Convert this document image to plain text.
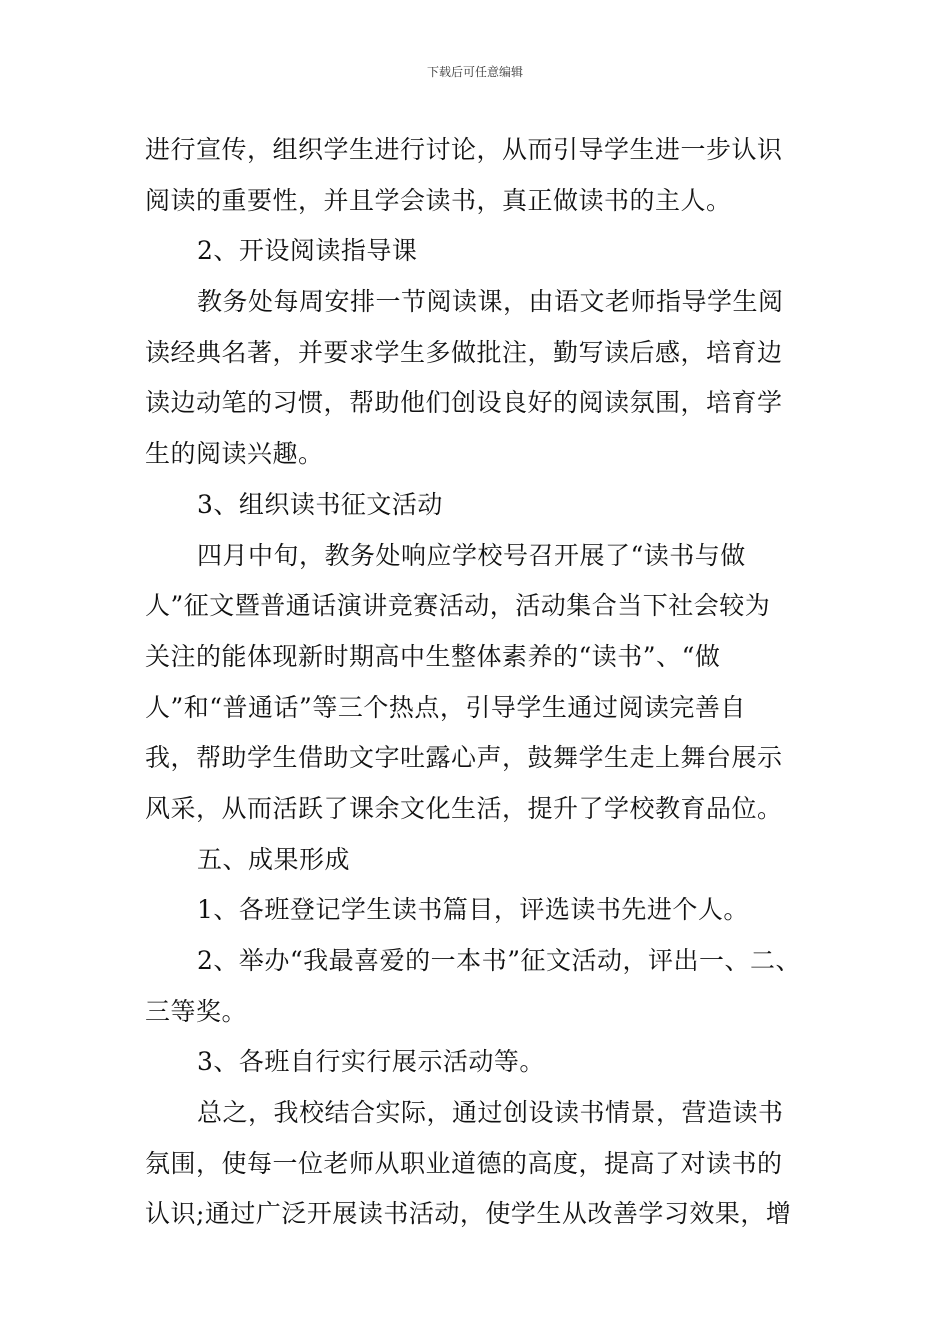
下载后可任意编辑
进行宣传，组织学生进行讨论，从而引导学生进一步认识
阅读的重要性，并且学会读书，真正做读书的主人。
2、开设阅读指导课
教务处每周安排一节阅读课，由语文老师指导学生阅
读经典名著，并要求学生多做批注，勤写读后感，培育边
读边动笔的习惯，帮助他们创设良好的阅读氛围，培育学
生的阅读兴趣。
3、组织读书征文活动
四月中旬，教务处响应学校号召开展了“读书与做
人”征文暨普通话演讲竞赛活动，活动集合当下社会较为
关注的能体现新时期高中生整体素养的“读书”、“做
人”和“普通话”等三个热点，引导学生通过阅读完善自
我，帮助学生借助文字吐露心声，鼓舞学生走上舞台展示
风采，从而活跃了课余文化生活，提升了学校教育品位。
五、成果形成
1、各班登记学生读书篇目，评选读书先进个人。
2、举办“我最喜爱的一本书”征文活动，评出一、二、
三等奖。
3、各班自行实行展示活动等。
总之，我校结合实际，通过创设读书情景，营造读书
氛围，使每一位老师从职业道德的高度，提高了对读书的
认识;通过广泛开展读书活动，使学生从改善学习效果，增
